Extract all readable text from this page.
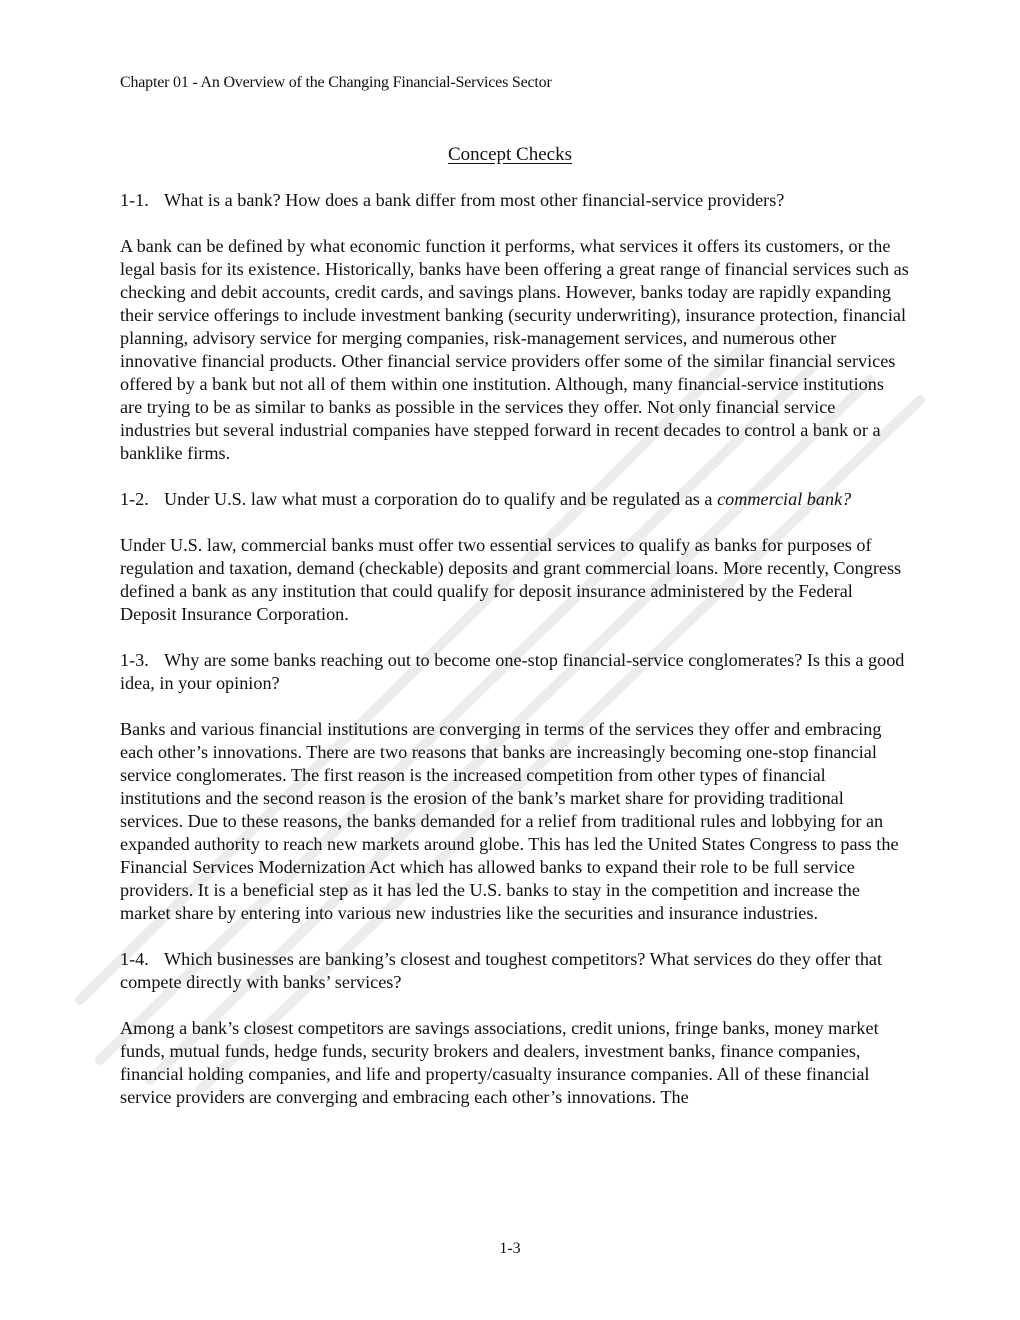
Chapter 01 - An Overview of the Changing Financial-Services Sector
Concept Checks

1-1. What is a bank? How does a bank differ from most other financial-service providers?

A bank can be defined by what economic function it performs, what services it offers its customers, or the legal basis for its existence. Historically, banks have been offering a great range of financial services such as checking and debit accounts, credit cards, and savings plans. However, banks today are rapidly expanding their service offerings to include investment banking (security underwriting), insurance protection, financial planning, advisory service for merging companies, risk-management services, and numerous other innovative financial products. Other financial service providers offer some of the similar financial services offered by a bank but not all of them within one institution. Although, many financial-service institutions are trying to be as similar to banks as possible in the services they offer. Not only financial service industries but several industrial companies have stepped forward in recent decades to control a bank or a banklike firms.

1-2. Under U.S. law what must a corporation do to qualify and be regulated as a commercial bank?

Under U.S. law, commercial banks must offer two essential services to qualify as banks for purposes of regulation and taxation, demand (checkable) deposits and grant commercial loans. More recently, Congress defined a bank as any institution that could qualify for deposit insurance administered by the Federal Deposit Insurance Corporation.

1-3. Why are some banks reaching out to become one-stop financial-service conglomerates? Is this a good idea, in your opinion?

Banks and various financial institutions are converging in terms of the services they offer and embracing each other’s innovations. There are two reasons that banks are increasingly becoming one-stop financial service conglomerates. The first reason is the increased competition from other types of financial institutions and the second reason is the erosion of the bank’s market share for providing traditional services. Due to these reasons, the banks demanded for a relief from traditional rules and lobbying for an expanded authority to reach new markets around globe. This has led the United States Congress to pass the Financial Services Modernization Act which has allowed banks to expand their role to be full service providers. It is a beneficial step as it has led the U.S. banks to stay in the competition and increase the market share by entering into various new industries like the securities and insurance industries.

1-4. Which businesses are banking’s closest and toughest competitors? What services do they offer that compete directly with banks’ services?

Among a bank’s closest competitors are savings associations, credit unions, fringe banks, money market funds, mutual funds, hedge funds, security brokers and dealers, investment banks, finance companies, financial holding companies, and life and property/casualty insurance companies. All of these financial service providers are converging and embracing each other’s innovations. The

1-3
